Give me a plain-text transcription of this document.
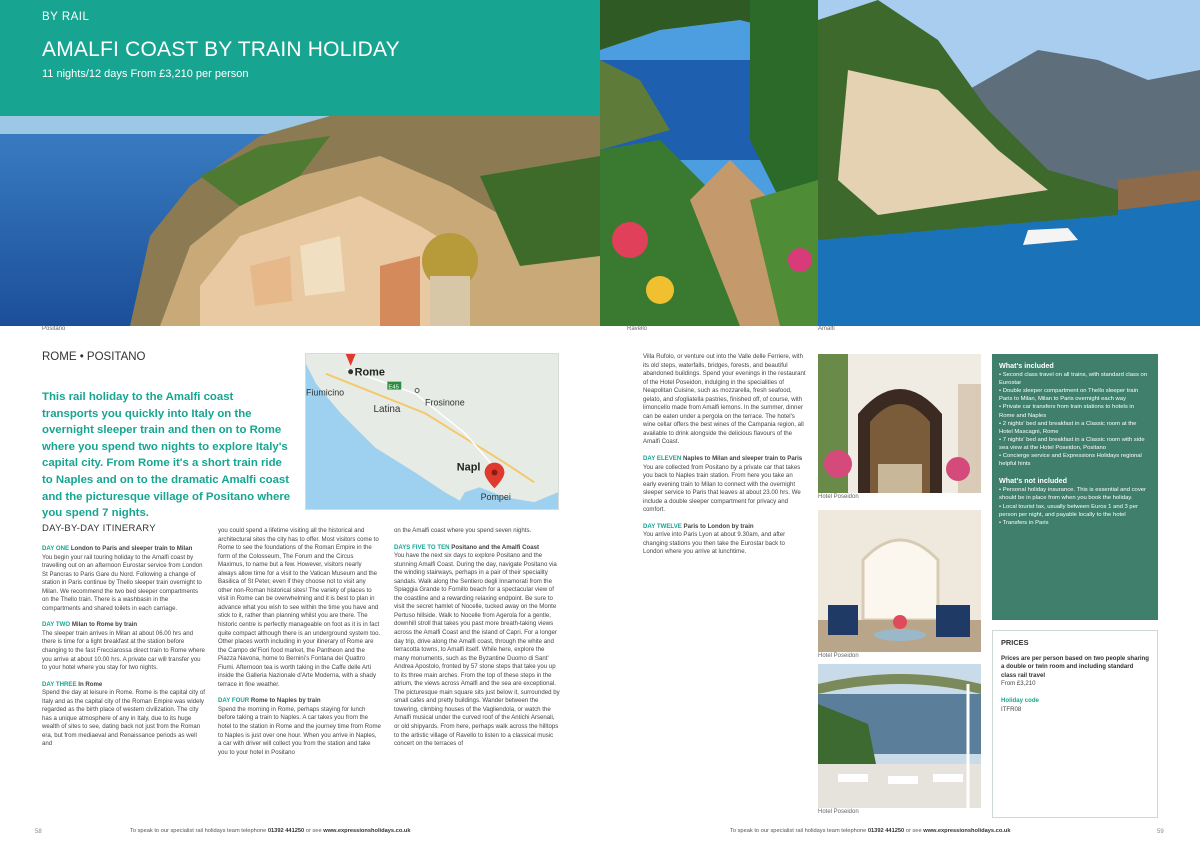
BY RAIL
AMALFI COAST BY TRAIN HOLIDAY
11 nights/12 days From £3,210 per person
Positano	Ravello	Amalfi
ROME • POSITANO
This rail holiday to the Amalfi coast transports you quickly into Italy on the overnight sleeper train and then on to Rome where you spend two nights to explore Italy's capital city. From Rome it's a short train ride to Naples and on to the dramatic Amalfi coast and the picturesque village of Positano where you spend 7 nights.
Rome
Fiumicino
Latina
Frosinone
Napl
Pompei
E45
DAY-BY-DAY ITINERARY

DAY ONE London to Paris and sleeper train to Milan
You begin your rail touring holiday to the Amalfi coast by travelling out on an afternoon Eurostar service from London St Pancras to Paris Gare du Nord. Following a change of station in Paris continue by Thello sleeper train overnight to Milan. We recommend the two bed sleeper compartments on the Thello train. There is a washbasin in the compartments and shared toilets in each carriage.

DAY TWO Milan to Rome by train
The sleeper train arrives in Milan at about 06.00 hrs and there is time for a light breakfast at the station before changing to the fast Frecciarossa direct train to Rome where you arrive at about 10.00 hrs. A private car will transfer you to your hotel where you stay for two nights.

DAY THREE In Rome
Spend the day at leisure in Rome. Rome is the capital city of Italy and as the capital city of the Roman Empire was widely regarded as the birth place of western civilization. The city has a unique atmosphere of any in Italy, due to its huge wealth of sites to see, dating back not just from the Roman era, but from mediaeval and Renaissance periods as well and

you could spend a lifetime visiting all the historical and architectural sites the city has to offer. Most visitors come to Rome to see the foundations of the Roman Empire in the form of the Colosseum, The Forum and the Circus Maximus, to name but a few. However, visitors nearly always allow time for a visit to the Vatican Museum and the Basilica of St Peter, even if they choose not to visit any other non-Roman historical sites! The variety of places to visit in Rome can be overwhelming and it is best to plan in advance what you wish to see within the time you have and stick to it, rather than planning whilst you are there. The historic centre is perfectly manageable on foot as it is in fact quite compact although there is an underground system too. Other places worth including in your itinerary of Rome are the Campo de'Fiori food market, the Pantheon and the Piazza Navona, home to Bernini's Fontana dei Quattro Fiumi. Afternoon tea is worth taking in the Caffe delle Arti inside the Galleria Nazionale d'Arte Moderna, with a shady terrace in fine weather.

DAY FOUR Rome to Naples by train
Spend the morning in Rome, perhaps staying for lunch before taking a train to Naples. A car takes you from the hotel to the station in Rome and the journey time from Rome to Naples is just over one hour. When you arrive in Naples, a car with driver will collect you from the station and take you to your hotel in Positano

on the Amalfi coast where you spend seven nights.

DAYS FIVE TO TEN Positano and the Amalfi Coast
You have the next six days to explore Positano and the stunning Amalfi Coast. During the day, navigate Positano via the winding stairways, perhaps in a pair of their speciality sandals. Walk along the Sentiero degli Innamorati from the Spiaggia Grande to Fornillo beach for a spectacular view of the coastline and a rewarding relaxing endpoint. Be sure to visit the secret hamlet of Nocelle, tucked away on the Monte Pertuso hillside. Walk to Nocelle from Agerola for a gentle, downhill stroll that takes you past more breath-taking views across the Amalfi Coast and the island of Capri. For a longer day trip, drive along the Amalfi coast, through the white and terracotta towns, to Amalfi itself. While here, explore the many monuments, such as the Byzantine Duomo di Sant' Andrea Apostolo, fronted by 57 stone steps that take you up to its three main arches. From the top of these steps in the atrium, the views across Amalfi and the sea are exceptional. The picturesque main square sits just below it, surrounded by small cafes and pretty buildings. Wander between the towering, climbing houses of the Vagliendola, or watch the Amalfi musical under the curved roof of the Antichi Arsenali, or old shipyards. From here, perhaps walk across the hilltops to the artistic village of Ravello to listen to a classical music concert on the terraces of

Villa Rufolo, or venture out into the Valle delle Ferriere, with its old steps, waterfalls, bridges, forests, and beautiful abandoned buildings. Spend your evenings in the restaurant of the Hotel Poseidon, indulging in the specialities of Neapolitan Cuisine, such as mozzarella, fresh seafood, gelato, and sfogliatella pastries, finished off, of course, with limoncello made from Amalfi lemons. In the summer, dinner can be eaten under a pergola on the terrace. The hotel's wine cellar offers the best wines of the Campania region, all available to drink alongside the delicious flavours of the Amalfi Coast.

DAY ELEVEN Naples to Milan and sleeper train to Paris
You are collected from Positano by a private car that takes you back to Naples train station. From here you take an early evening train to Milan to connect with the overnight sleeper service to Paris that leaves at about 23.00 hrs. We include a double sleeper compartment for privacy and comfort.

DAY TWELVE Paris to London by train
You arrive into Paris Lyon at about 9.30am, and after changing stations you then take the Eurostar back to London where you arrive at lunchtime.

Hotel Poseidon
Hotel Poseidon
Hotel Poseidon
What's included
• Second class travel on all trains, with standard class on Eurostar
• Double sleeper compartment on Thello sleeper train Paris to Milan, Milan to Paris overnight each way
• Private car transfers from train stations to hotels in Rome and Naples
• 2 nights' bed and breakfast in a Classic room at the Hotel Mascagni, Rome
• 7 nights' bed and breakfast in a Classic room with side sea view at the Hotel Poseidon, Positano
• Concierge service and Expressions Holidays regional helpful hints
What's not included
• Personal holiday insurance. This is essential and cover should be in place from when you book the holiday.
• Local tourist tax, usually between Euros 1 and 3 per person per night, and payable locally to the hotel
• Transfers in Paris
PRICES
Prices are per person based on two people sharing a double or twin room and including standard class rail travel
From £3,210
Holiday code
ITFR08
58	To speak to our specialist rail holidays team telephone 01392 441250 or see www.expressionsholidays.co.uk	To speak to our specialist rail holidays team telephone 01392 441250 or see www.expressionsholidays.co.uk	59
